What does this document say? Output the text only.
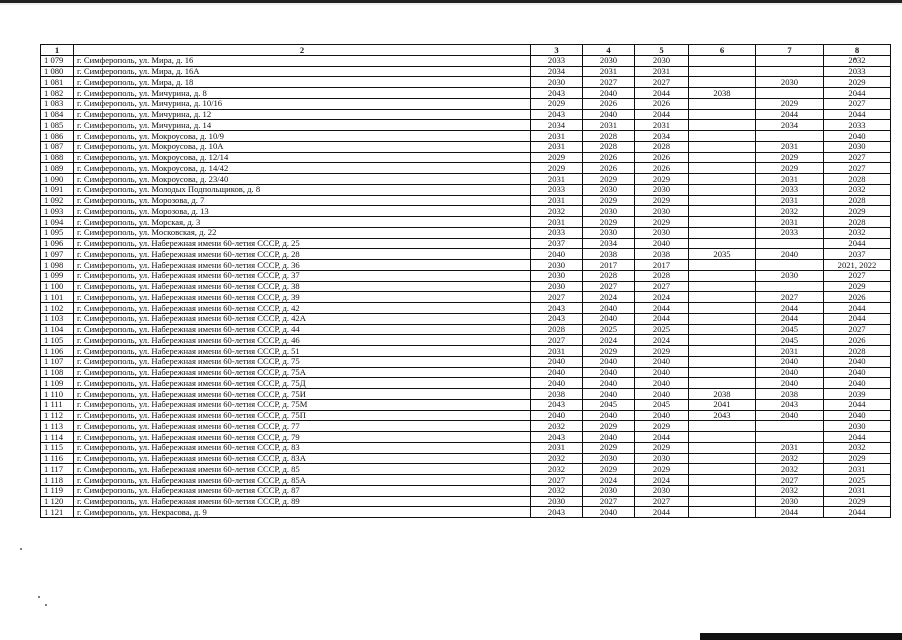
1	2	3	4	5	6	7	8
1 079	г. Симферополь, ул. Мира, д. 16	2033	2030	2030			2032
1 080	г. Симферополь, ул. Мира, д. 16А	2034	2031	2031			2033
1 081	г. Симферополь, ул. Мира, д. 18	2030	2027	2027		2030	2029
1 082	г. Симферополь, ул. Мичурина, д. 8	2043	2040	2044	2038		2044
1 083	г. Симферополь, ул. Мичурина, д. 10/16	2029	2026	2026		2029	2027
1 084	г. Симферополь, ул. Мичурина, д. 12	2043	2040	2044		2044	2044
1 085	г. Симферополь, ул. Мичурина, д. 14	2034	2031	2031		2034	2033
1 086	г. Симферополь, ул. Мокроусова, д. 10/9	2031	2028	2034			2040
1 087	г. Симферополь, ул. Мокроусова, д. 10А	2031	2028	2028		2031	2030
1 088	г. Симферополь, ул. Мокроусова, д. 12/14	2029	2026	2026		2029	2027
1 089	г. Симферополь, ул. Мокроусова, д. 14/42	2029	2026	2026		2029	2027
1 090	г. Симферополь, ул. Мокроусова, д. 23/40	2031	2029	2029		2031	2028
1 091	г. Симферополь, ул. Молодых Подпольщиков, д. 8	2033	2030	2030		2033	2032
1 092	г. Симферополь, ул. Морозова, д. 7	2031	2029	2029		2031	2028
1 093	г. Симферополь, ул. Морозова, д. 13	2032	2030	2030		2032	2029
1 094	г. Симферополь, ул. Морская, д. 3	2031	2029	2029		2031	2028
1 095	г. Симферополь, ул. Московская, д. 22	2033	2030	2030		2033	2032
1 096	г. Симферополь, ул. Набережная имени 60-летия СССР, д. 25	2037	2034	2040			2044
1 097	г. Симферополь, ул. Набережная имени 60-летия СССР, д. 28	2040	2038	2038	2035	2040	2037
1 098	г. Симферополь, ул. Набережная имени 60-летия СССР, д. 36	2030	2017	2017			2021, 2022
1 099	г. Симферополь, ул. Набережная имени 60-летия СССР, д. 37	2030	2028	2028		2030	2027
1 100	г. Симферополь, ул. Набережная имени 60-летия СССР, д. 38	2030	2027	2027			2029
1 101	г. Симферополь, ул. Набережная имени 60-летия СССР, д. 39	2027	2024	2024		2027	2026
1 102	г. Симферополь, ул. Набережная имени 60-летия СССР, д. 42	2043	2040	2044		2044	2044
1 103	г. Симферополь, ул. Набережная имени 60-летия СССР, д. 42А	2043	2040	2044		2044	2044
1 104	г. Симферополь, ул. Набережная имени 60-летия СССР, д. 44	2028	2025	2025		2045	2027
1 105	г. Симферополь, ул. Набережная имени 60-летия СССР, д. 46	2027	2024	2024		2045	2026
1 106	г. Симферополь, ул. Набережная имени 60-летия СССР, д. 51	2031	2029	2029		2031	2028
1 107	г. Симферополь, ул. Набережная имени 60-летия СССР, д. 75	2040	2040	2040		2040	2040
1 108	г. Симферополь, ул. Набережная имени 60-летия СССР, д. 75А	2040	2040	2040		2040	2040
1 109	г. Симферополь, ул. Набережная имени 60-летия СССР, д. 75Д	2040	2040	2040		2040	2040
1 110	г. Симферополь, ул. Набережная имени 60-летия СССР, д. 75И	2038	2040	2040	2038	2038	2039
1 111	г. Симферополь, ул. Набережная имени 60-летия СССР, д. 75М	2043	2045	2045	2041	2043	2044
1 112	г. Симферополь, ул. Набережная имени 60-летия СССР, д. 75П	2040	2040	2040	2043	2040	2040
1 113	г. Симферополь, ул. Набережная имени 60-летия СССР, д. 77	2032	2029	2029			2030
1 114	г. Симферополь, ул. Набережная имени 60-летия СССР, д. 79	2043	2040	2044			2044
1 115	г. Симферополь, ул. Набережная имени 60-летия СССР, д. 83	2031	2029	2029		2031	2032
1 116	г. Симферополь, ул. Набережная имени 60-летия СССР, д. 83А	2032	2030	2030		2032	2029
1 117	г. Симферополь, ул. Набережная имени 60-летия СССР, д. 85	2032	2029	2029		2032	2031
1 118	г. Симферополь, ул. Набережная имени 60-летия СССР, д. 85А	2027	2024	2024		2027	2025
1 119	г. Симферополь, ул. Набережная имени 60-летия СССР, д. 87	2032	2030	2030		2032	2031
1 120	г. Симферополь, ул. Набережная имени 60-летия СССР, д. 89	2030	2027	2027		2030	2029
1 121	г. Симферополь, ул. Некрасова, д. 9	2043	2040	2044		2044	2044
